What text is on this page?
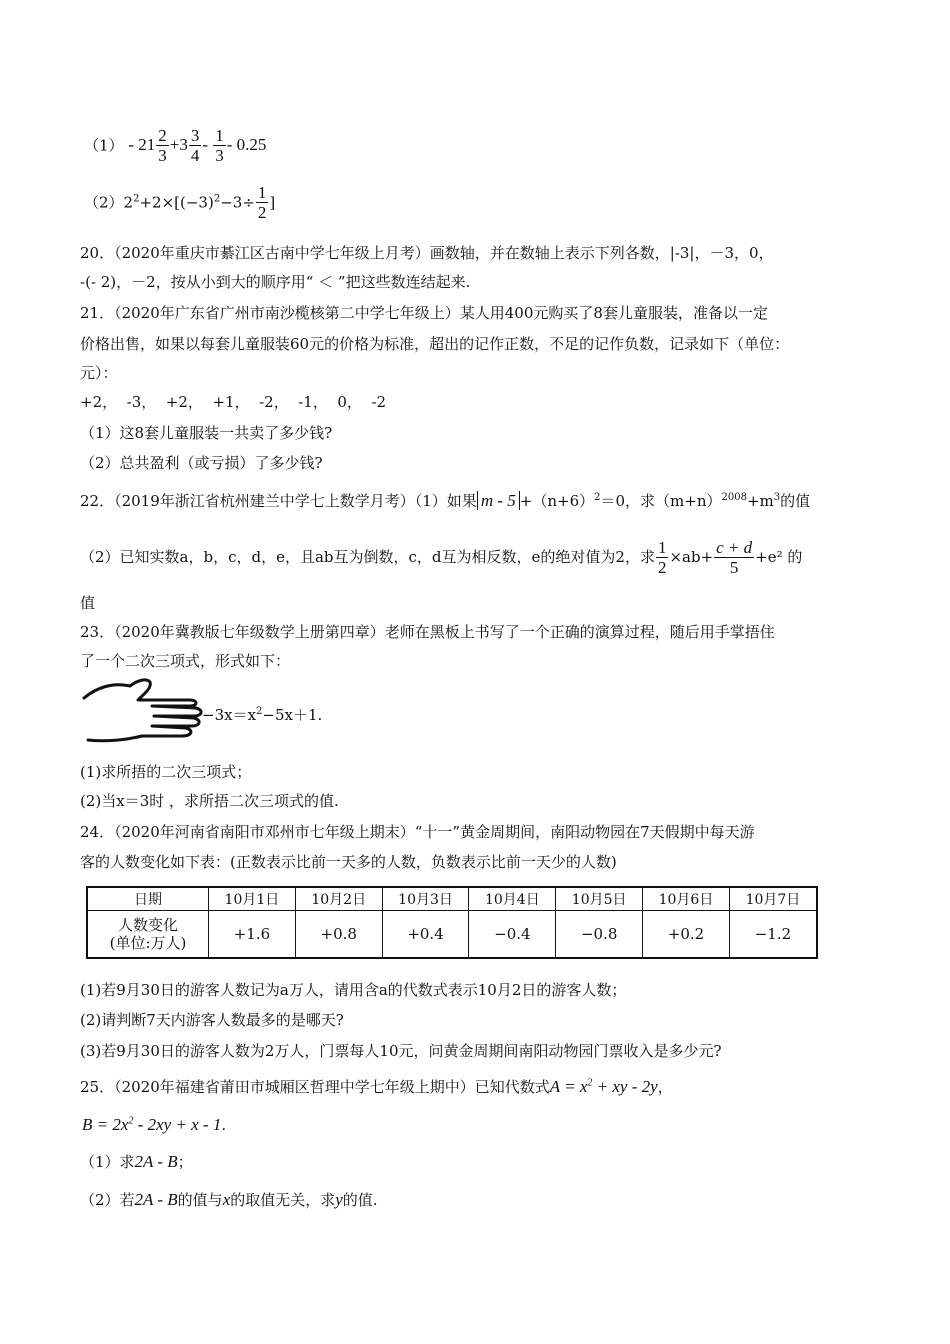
$(1) - 21 \frac{2}{3} +3 \frac{3}{4} - \frac{1}{3} - 0.25$
$(2)2^2+2\times[(-3)^2-3\div \frac{1}{2}$ ]
20．（2020年重庆市綦江区古南中学七年级上月考）画数轴，并在数轴上表示下列各数，|-3|，－3，0，
-(- 2)，－2，按从小到大的顺序用“ ＜ ”把这些数连结起来.
21．（2020年广东省广州市南沙榄核第二中学七年级上）某人用400元购买了8套儿童服装，准备以一定
价格出售，如果以每套儿童服装60元的价格为标准，超出的记作正数，不足的记作负数，记录如下（单位：
元）：
+2，  -3，  +2，  +1，  -2，  -1，  0，  -2
（1）这8套儿童服装一共卖了多少钱?
（2）总共盈利（或亏损）了多少钱?
22．（2019年浙江省杭州建兰中学七上数学月考）（1）如果 $m - 5 +(n+6)^2=0$，求$(m+n)^{2008}+m^3$的值
（2）已知实数a，b，c，d，e，且ab互为倒数，c，d互为相反数，e的绝对值为2，求 $\frac{1}{2} \times ab+ \frac{c + d}{5} +e^2$ 的
值
23．（2020年冀教版七年级数学上册第四章）老师在黑板上书写了一个正确的演算过程，随后用手掌捂住
了一个二次三项式，形式如下：
$-3x=x^2-5x+1$.
(1)求所捂的二次三项式；
(2)当x＝3时 ，求所捂二次三项式的值.
24．（2020年河南省南阳市邓州市七年级上期末）“十一”黄金周期间，南阳动物园在7天假期中每天游
客的人数变化如下表：(正数表示比前一天多的人数，负数表示比前一天少的人数)
日期	10月1日	10月2日	10月3日	10月4日	10月5日	10月6日	10月7日

人数变化
(单位:万人)	+1.6	+0.8	+0.4	−0.4	−0.8	+0.2	−1.2
(1)若9月30日的游客人数记为a万人，请用含a的代数式表示10月2日的游客人数；
(2)请判断7天内游客人数最多的是哪天?
(3)若9月30日的游客人数为2万人，门票每人10元，问黄金周期间南阳动物园门票收入是多少元?
25．（2020年福建省莆田市城厢区哲理中学七年级上期中）已知代数式$A = x^2$ + xy - 2y，
$B = 2x^2 - 2xy + x - 1$.
（1）求2A - B；
（2）若2A - B的值与x的取值无关，求y的值.
